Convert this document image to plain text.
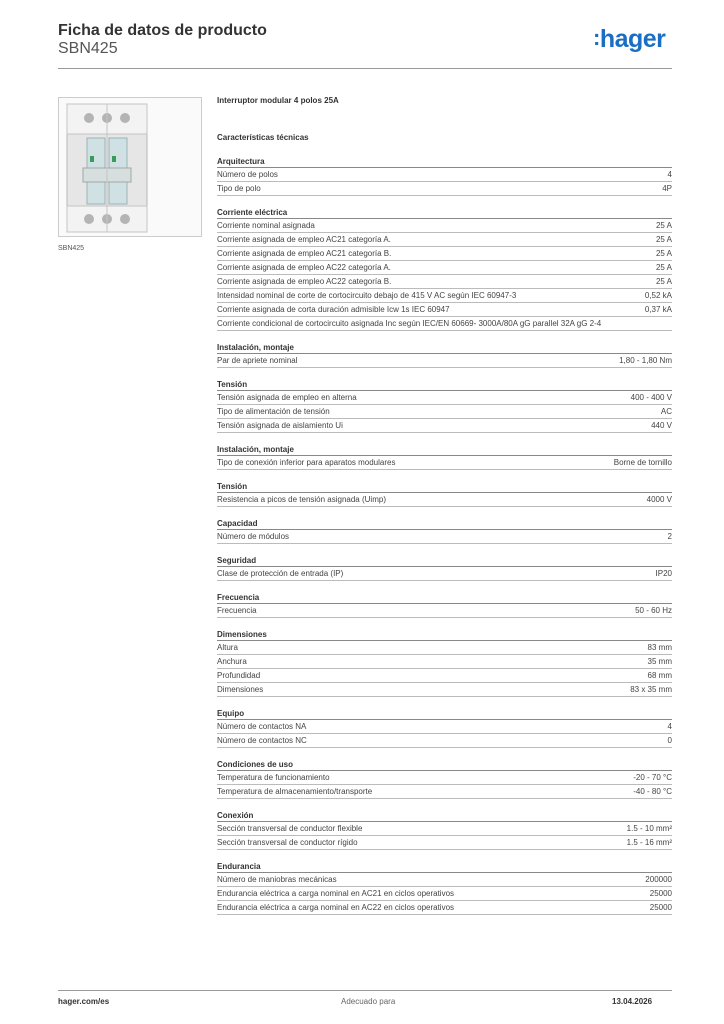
Ficha de datos de producto
SBN425	:hager
SBN425
Interruptor modular 4 polos 25A
Características técnicas
Arquitectura
Número de polos	4
Tipo de polo	4P
Corriente eléctrica
Corriente nominal asignada	25 A
Corriente asignada de empleo AC21 categoría A.	25 A
Corriente asignada de empleo AC21 categoría B.	25 A
Corriente asignada de empleo AC22 categoría A.	25 A
Corriente asignada de empleo AC22 categoría B.	25 A
Intensidad nominal de corte de cortocircuito debajo de 415 V AC según IEC 60947-3	0,52 kA
Corriente asignada de corta duración admisible Icw 1s IEC 60947	0,37 kA
Corriente condicional de cortocircuito asignada Inc según IEC/EN 60669- 3000A/80A gG parallel 32A gG 2-4
Instalación, montaje
Par de apriete nominal	1,80 - 1,80 Nm
Tensión
Tensión asignada de empleo en alterna	400 - 400 V
Tipo de alimentación de tensión	AC
Tensión asignada de aislamiento Ui	440 V
Instalación, montaje
Tipo de conexión inferior para aparatos modulares	Borne de tornillo
Tensión
Resistencia a picos de tensión asignada (Uimp)	4000 V
Capacidad
Número de módulos	2
Seguridad
Clase de protección de entrada (IP)	IP20
Frecuencia
Frecuencia	50 - 60 Hz
Dimensiones
Altura	83 mm
Anchura	35 mm
Profundidad	68 mm
Dimensiones	83 x 35 mm
Equipo
Número de contactos NA	4
Número de contactos NC	0
Condiciones de uso
Temperatura de funcionamiento	-20 - 70 °C
Temperatura de almacenamiento/transporte	-40 - 80 °C
Conexión
Sección transversal de conductor flexible	1.5 - 10 mm²
Sección transversal de conductor rígido	1.5 - 16 mm²
Endurancia
Número de maniobras mecánicas	200000
Endurancia eléctrica a carga nominal en AC21 en ciclos operativos	25000
Endurancia eléctrica a carga nominal en AC22 en ciclos operativos	25000
hager.com/es	Adecuado para	13.04.2026
